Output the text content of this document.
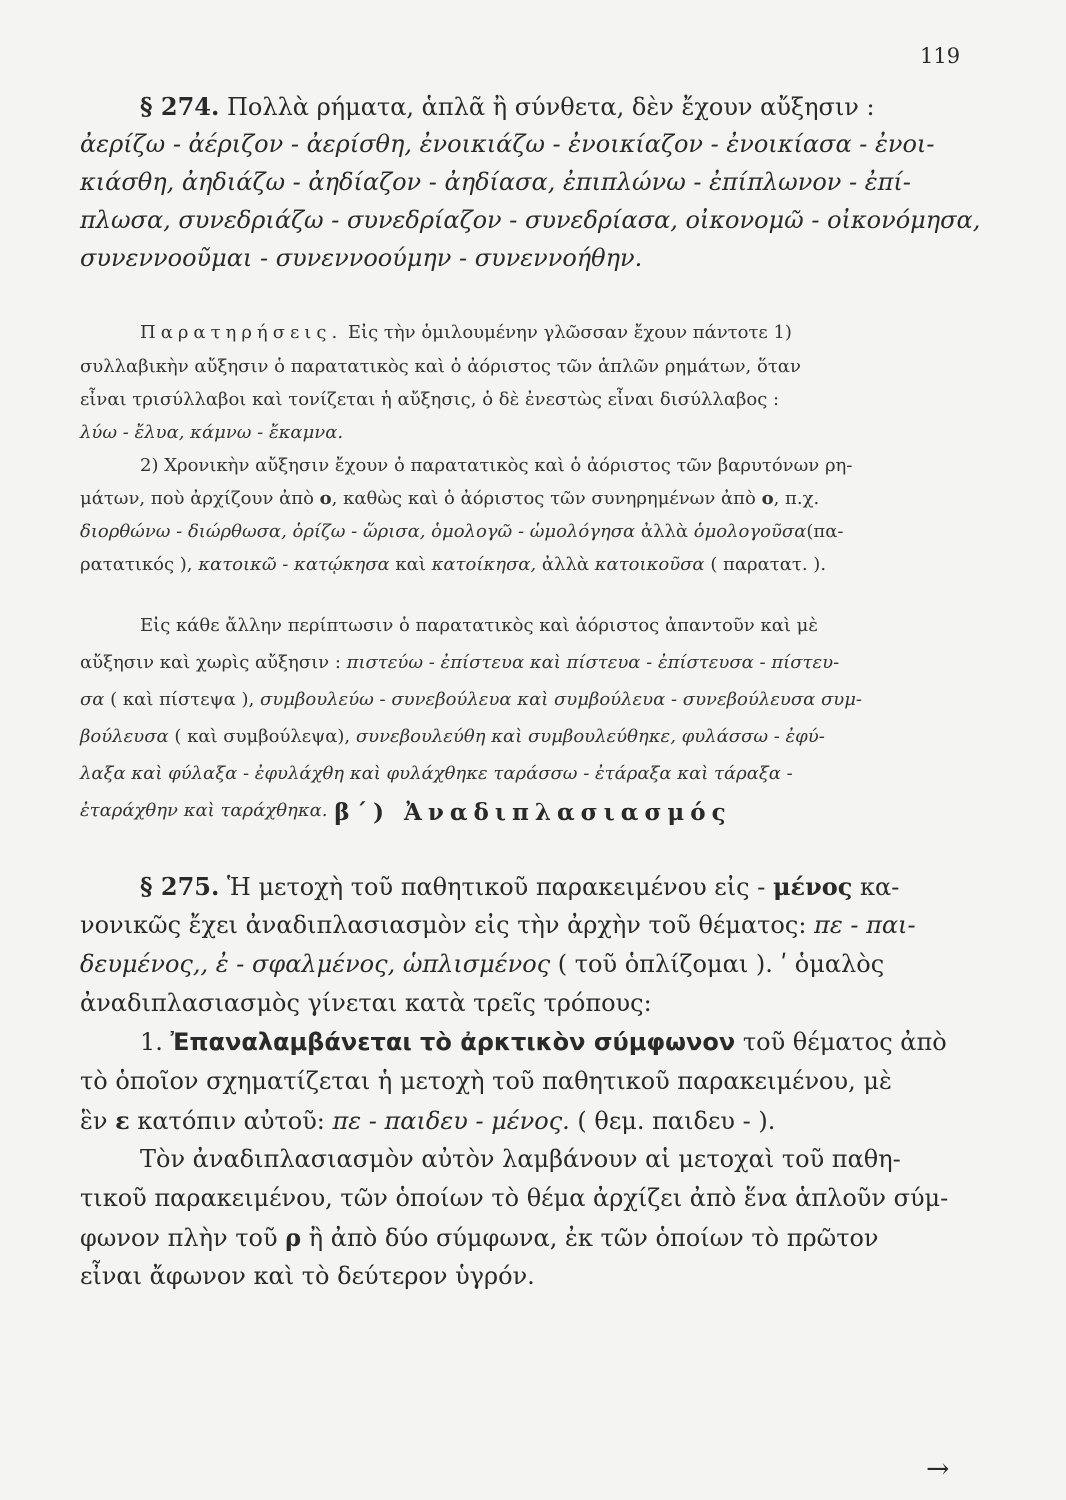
119
§ 274. Πολλὰ ρήματα, ἁπλᾶ ἢ σύνθετα, δὲν ἔχουν αὔξησιν :
ἀερίζω - ἀέριζον - ἀερίσθη, ἐνοικιάζω - ἐνοικίαζον - ἐνοικίασα - ἐνοι-
κιάσθη, ἀηδιάζω - ἀηδίαζον - ἀηδίασα, ἐπιπλώνω - ἐπίπλωνον - ἐπί-
πλωσα, συνεδριάζω - συνεδρίαζον - συνεδρίασα, οἰκονομῶ - οἰκονόμησα,
συνεννοοῦμαι - συνεννοούμην - συνεννοήθην.
Παρατηρήσεις. Εἰς τὴν ὁμιλουμένην γλῶσσαν ἔχουν πάντοτε 1)
συλλαβικὴν αὔξησιν ὁ παρατατικὸς καὶ ὁ ἀόριστος τῶν ἁπλῶν ρημάτων, ὅταν
εἶναι τρισύλλαβοι καὶ τονίζεται ἡ αὔξησις, ὁ δὲ ἐνεστὼς εἶναι δισύλλαβος :
λύω - ἔλυα, κάμνω - ἔκαμνα.
2) Χρονικὴν αὔξησιν ἔχουν ὁ παρατατικὸς καὶ ὁ ἀόριστος τῶν βαρυτόνων ρη-
μάτων, ποὺ ἀρχίζουν ἀπὸ ο, καθὼς καὶ ὁ ἀόριστος τῶν συνηρημένων ἀπὸ ο, π.χ.
διορθώνω - διώρθωσα, ὁρίζω - ὥρισα, ὁμολογῶ - ὡμολόγησα ἀλλὰ ὁμολογοῦσα(πα-
ρατατικός ), κατοικῶ - κατῴκησα καὶ κατοίκησα, ἀλλὰ κατοικοῦσα ( παρατατ. ).
Εἰς κάθε ἄλλην περίπτωσιν ὁ παρατατικὸς καὶ ἀόριστος ἀπαντοῦν καὶ μὲ
αὔξησιν καὶ χωρὶς αὔξησιν : πιστεύω - ἐπίστευα καὶ πίστευα - ἐπίστευσα - πίστευ-
σα ( καὶ πίστεψα ), συμβουλεύω - συνεβούλευα καὶ συμβούλευα - συνεβούλευσα συμ-
βούλευσα ( καὶ συμβούλεψα), συνεβουλεύθη καὶ συμβουλεύθηκε, φυλάσσω - ἐφύ-
λαξα καὶ φύλαξα - ἐφυλάχθη καὶ φυλάχθηκε ταράσσω - ἐτάραξα καὶ τάραξα -
ἐταράχθην καὶ ταράχθηκα. β΄) Ἀναδιπλασιασμός
§ 275. Ἡ μετοχὴ τοῦ παθητικοῦ παρακειμένου εἰς - μένος κα-
νονικῶς ἔχει ἀναδιπλασιασμὸν εἰς τὴν ἀρχὴν τοῦ θέματος: πε - παι-
δευμένος,, ἐ - σφαλμένος, ὡπλισμένος ( τοῦ ὁπλίζομαι ). ʹ ὁμαλὸς
ἀναδιπλασιασμὸς γίνεται κατὰ τρεῖς τρόπους:
1. Ἐπαναλαμβάνεται τὸ ἀρκτικὸν σύμφωνον τοῦ θέματος ἀπὸ
τὸ ὁποῖον σχηματίζεται ἡ μετοχὴ τοῦ παθητικοῦ παρακειμένου, μὲ
ἓν ε κατόπιν αὐτοῦ: πε - παιδευ - μένος. ( θεμ. παιδευ - ).
Τὸν ἀναδιπλασιασμὸν αὐτὸν λαμβάνουν αἱ μετοχαὶ τοῦ παθη-
τικοῦ παρακειμένου, τῶν ὁποίων τὸ θέμα ἀρχίζει ἀπὸ ἕνα ἁπλοῦν σύμ-
φωνον πλὴν τοῦ ρ ἢ ἀπὸ δύο σύμφωνα, ἐκ τῶν ὁποίων τὸ πρῶτον
εἶναι ἄφωνον καὶ τὸ δεύτερον ὑγρόν.
→
